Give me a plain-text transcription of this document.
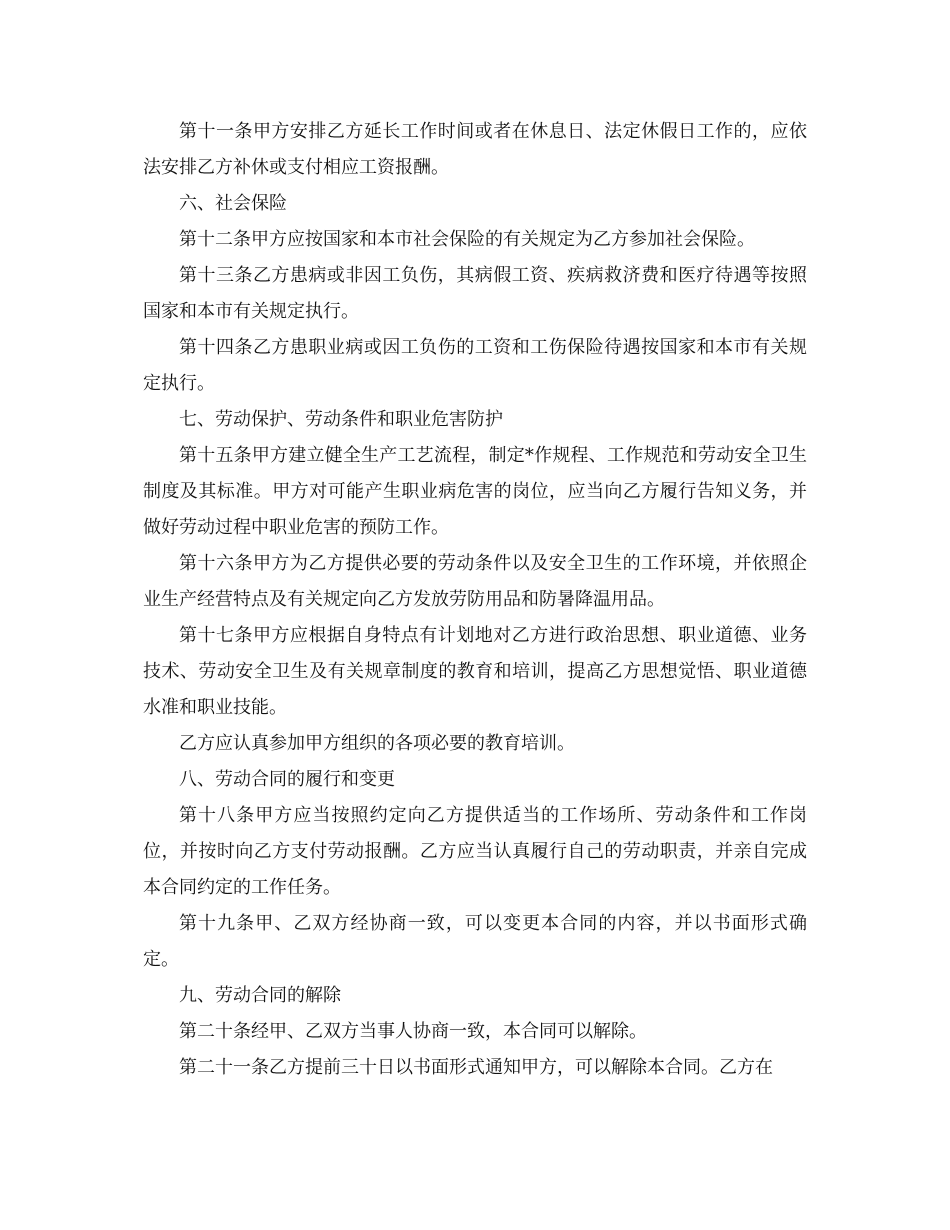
第十一条甲方安排乙方延长工作时间或者在休息日、法定休假日工作的，应依法安排乙方补休或支付相应工资报酬。

六、社会保险

第十二条甲方应按国家和本市社会保险的有关规定为乙方参加社会保险。

第十三条乙方患病或非因工负伤，其病假工资、疾病救济费和医疗待遇等按照国家和本市有关规定执行。

第十四条乙方患职业病或因工负伤的工资和工伤保险待遇按国家和本市有关规定执行。

七、劳动保护、劳动条件和职业危害防护

第十五条甲方建立健全生产工艺流程，制定*作规程、工作规范和劳动安全卫生制度及其标准。甲方对可能产生职业病危害的岗位，应当向乙方履行告知义务，并做好劳动过程中职业危害的预防工作。

第十六条甲方为乙方提供必要的劳动条件以及安全卫生的工作环境，并依照企业生产经营特点及有关规定向乙方发放劳防用品和防暑降温用品。

第十七条甲方应根据自身特点有计划地对乙方进行政治思想、职业道德、业务技术、劳动安全卫生及有关规章制度的教育和培训，提高乙方思想觉悟、职业道德水准和职业技能。

乙方应认真参加甲方组织的各项必要的教育培训。

八、劳动合同的履行和变更

第十八条甲方应当按照约定向乙方提供适当的工作场所、劳动条件和工作岗位，并按时向乙方支付劳动报酬。乙方应当认真履行自己的劳动职责，并亲自完成本合同约定的工作任务。

第十九条甲、乙双方经协商一致，可以变更本合同的内容，并以书面形式确定。

九、劳动合同的解除

第二十条经甲、乙双方当事人协商一致，本合同可以解除。

第二十一条乙方提前三十日以书面形式通知甲方，可以解除本合同。乙方在
